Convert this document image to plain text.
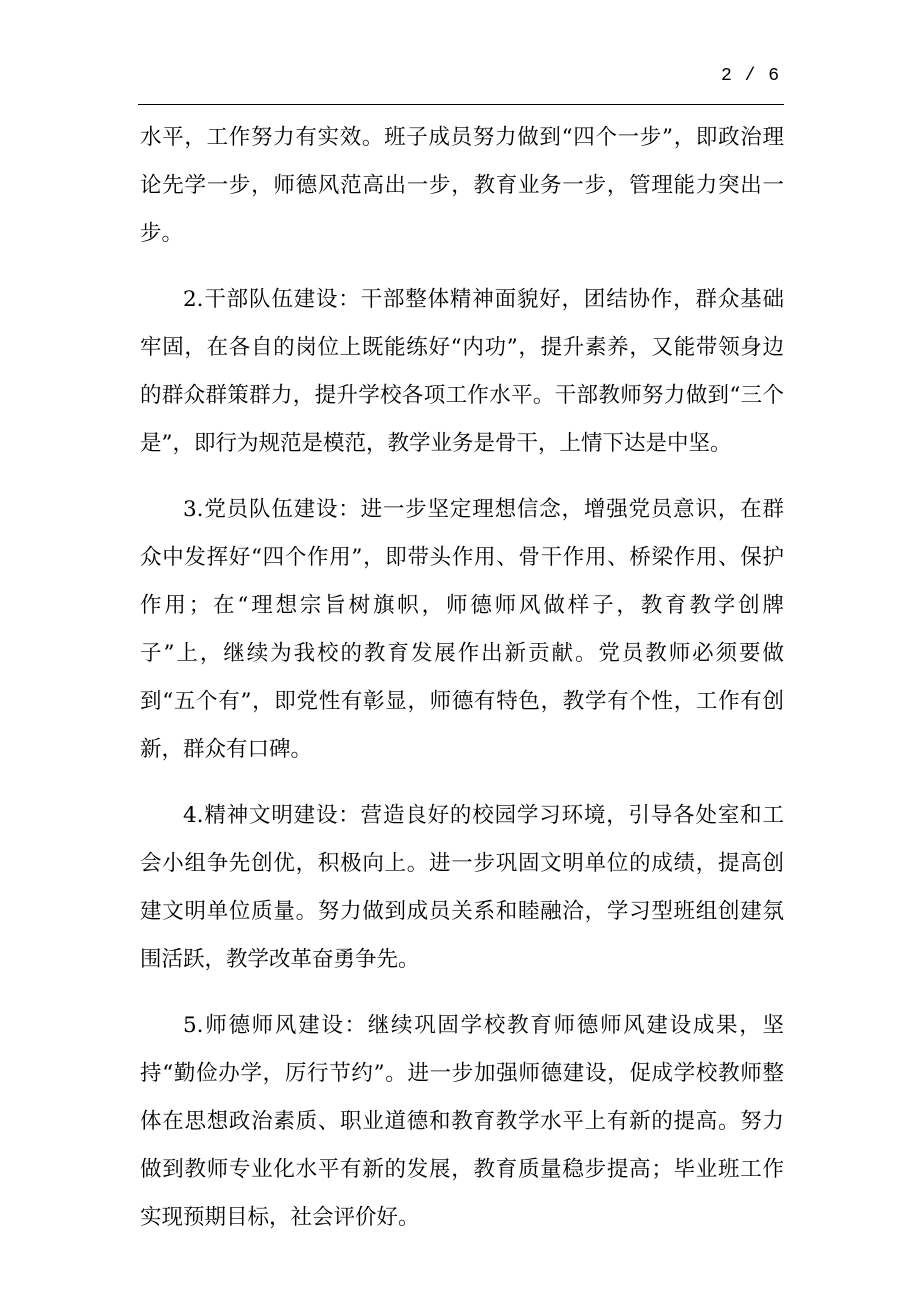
2 / 6

水平，工作努力有实效。班子成员努力做到“四个一步”，即政治理论先学一步，师德风范高出一步，教育业务一步，管理能力突出一步。

2.干部队伍建设：干部整体精神面貌好，团结协作，群众基础牢固，在各自的岗位上既能练好“内功”，提升素养，又能带领身边的群众群策群力，提升学校各项工作水平。干部教师努力做到“三个是”，即行为规范是模范，教学业务是骨干，上情下达是中坚。

3.党员队伍建设：进一步坚定理想信念，增强党员意识，在群众中发挥好“四个作用”，即带头作用、骨干作用、桥梁作用、保护作用；在“理想宗旨树旗帜，师德师风做样子，教育教学创牌子”上，继续为我校的教育发展作出新贡献。党员教师必须要做到“五个有”，即党性有彰显，师德有特色，教学有个性，工作有创新，群众有口碑。

4.精神文明建设：营造良好的校园学习环境，引导各处室和工会小组争先创优，积极向上。进一步巩固文明单位的成绩，提高创建文明单位质量。努力做到成员关系和睦融洽，学习型班组创建氛围活跃，教学改革奋勇争先。

5.师德师风建设：继续巩固学校教育师德师风建设成果，坚持“勤俭办学，厉行节约”。进一步加强师德建设，促成学校教师整体在思想政治素质、职业道德和教育教学水平上有新的提高。努力做到教师专业化水平有新的发展，教育质量稳步提高；毕业班工作实现预期目标，社会评价好。
